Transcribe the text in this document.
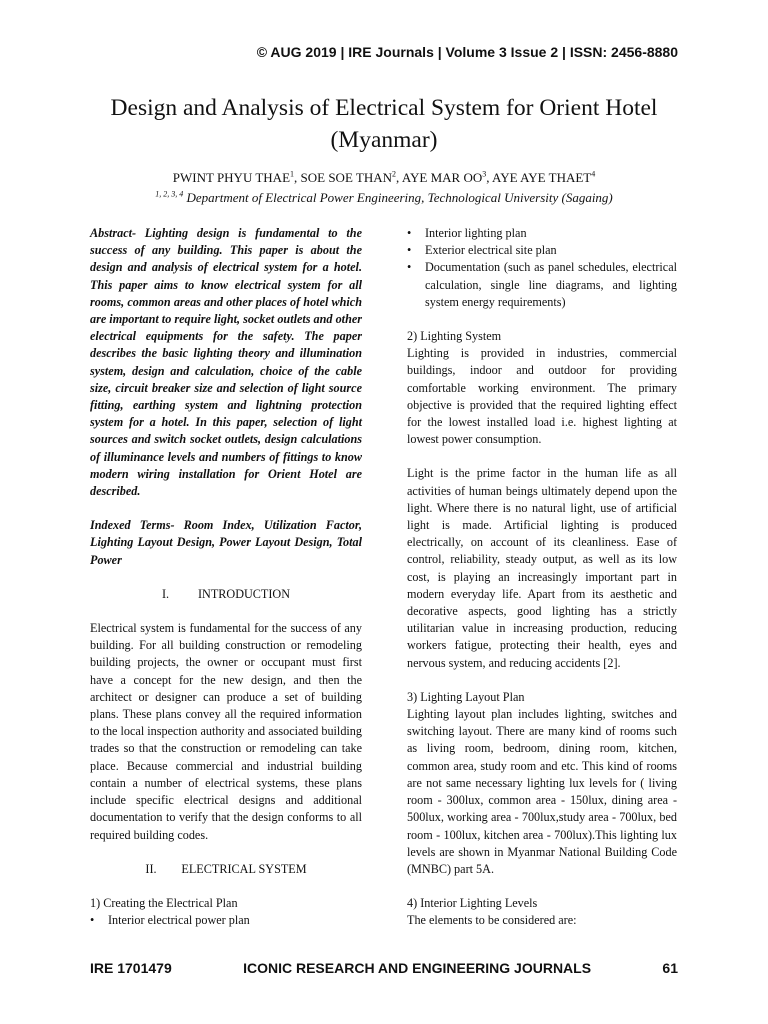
© AUG 2019 | IRE Journals | Volume 3 Issue 2 | ISSN: 2456-8880
Design and Analysis of Electrical System for Orient Hotel (Myanmar)
PWINT PHYU THAE$^1$, SOE SOE THAN$^2$, AYE MAR $OO^3$, AYE AYE THAET$^4$
$^{1, 2, 3, 4}$ Department of Electrical Power Engineering, Technological University (Sagaing)

Abstract- Lighting design is fundamental to the success of any building. This paper is about the design and analysis of electrical system for a hotel. This paper aims to know electrical system for all rooms, common areas and other places of hotel which are important to require light, socket outlets and other electrical equipments for the safety. The paper describes the basic lighting theory and illumination system, design and calculation, choice of the cable size, circuit breaker size and selection of light source fitting, earthing system and lightning protection system for a hotel. In this paper, selection of light sources and switch socket outlets, design calculations of illuminance levels and numbers of fittings to know modern wiring installation for Orient Hotel are described.

Indexed Terms- Room Index, Utilization Factor, Lighting Layout Design, Power Layout Design, Total Power

I. INTRODUCTION

Electrical system is fundamental for the success of any building. For all building construction or remodeling building projects, the owner or occupant must first have a concept for the new design, and then the architect or designer can produce a set of building plans. These plans convey all the required information to the local inspection authority and associated building trades so that the construction or remodeling can take place. Because commercial and industrial building contain a number of electrical systems, these plans include specific electrical designs and additional documentation to verify that the design conforms to all required building codes.

II. ELECTRICAL SYSTEM

1) Creating the Electrical Plan

• Interior electrical power plan
• Interior lighting plan
• Exterior electrical site plan
• Documentation (such as panel schedules, electrical calculation, single line diagrams, and lighting system energy requirements)

2) Lighting System

Lighting is provided in industries, commercial buildings, indoor and outdoor for providing comfortable working environment. The primary objective is provided that the required lighting effect for the lowest installed load i.e. highest lighting at lowest power consumption.

Light is the prime factor in the human life as all activities of human beings ultimately depend upon the light. Where there is no natural light, use of artificial light is made. Artificial lighting is produced electrically, on account of its cleanliness. Ease of control, reliability, steady output, as well as its low cost, is playing an increasingly important part in modern everyday life. Apart from its aesthetic and decorative aspects, good lighting has a strictly utilitarian value in increasing production, reducing workers fatigue, protecting their health, eyes and nervous system, and reducing accidents [2].

3) Lighting Layout Plan

Lighting layout plan includes lighting, switches and switching layout. There are many kind of rooms such as living room, bedroom, dining room, kitchen, common area, study room and etc. This kind of rooms are not same necessary lighting lux levels for ( living room - 300lux, common area - 150lux, dining area - 500lux, working area - 700lux,study area - 700lux, bed room - 100lux, kitchen area - 700lux).This lighting lux levels are shown in Myanmar National Building Code (MNBC) part 5A.

4) Interior Lighting Levels

The elements to be considered are:

IRE 1701479	ICONIC RESEARCH AND ENGINEERING JOURNALS	61
